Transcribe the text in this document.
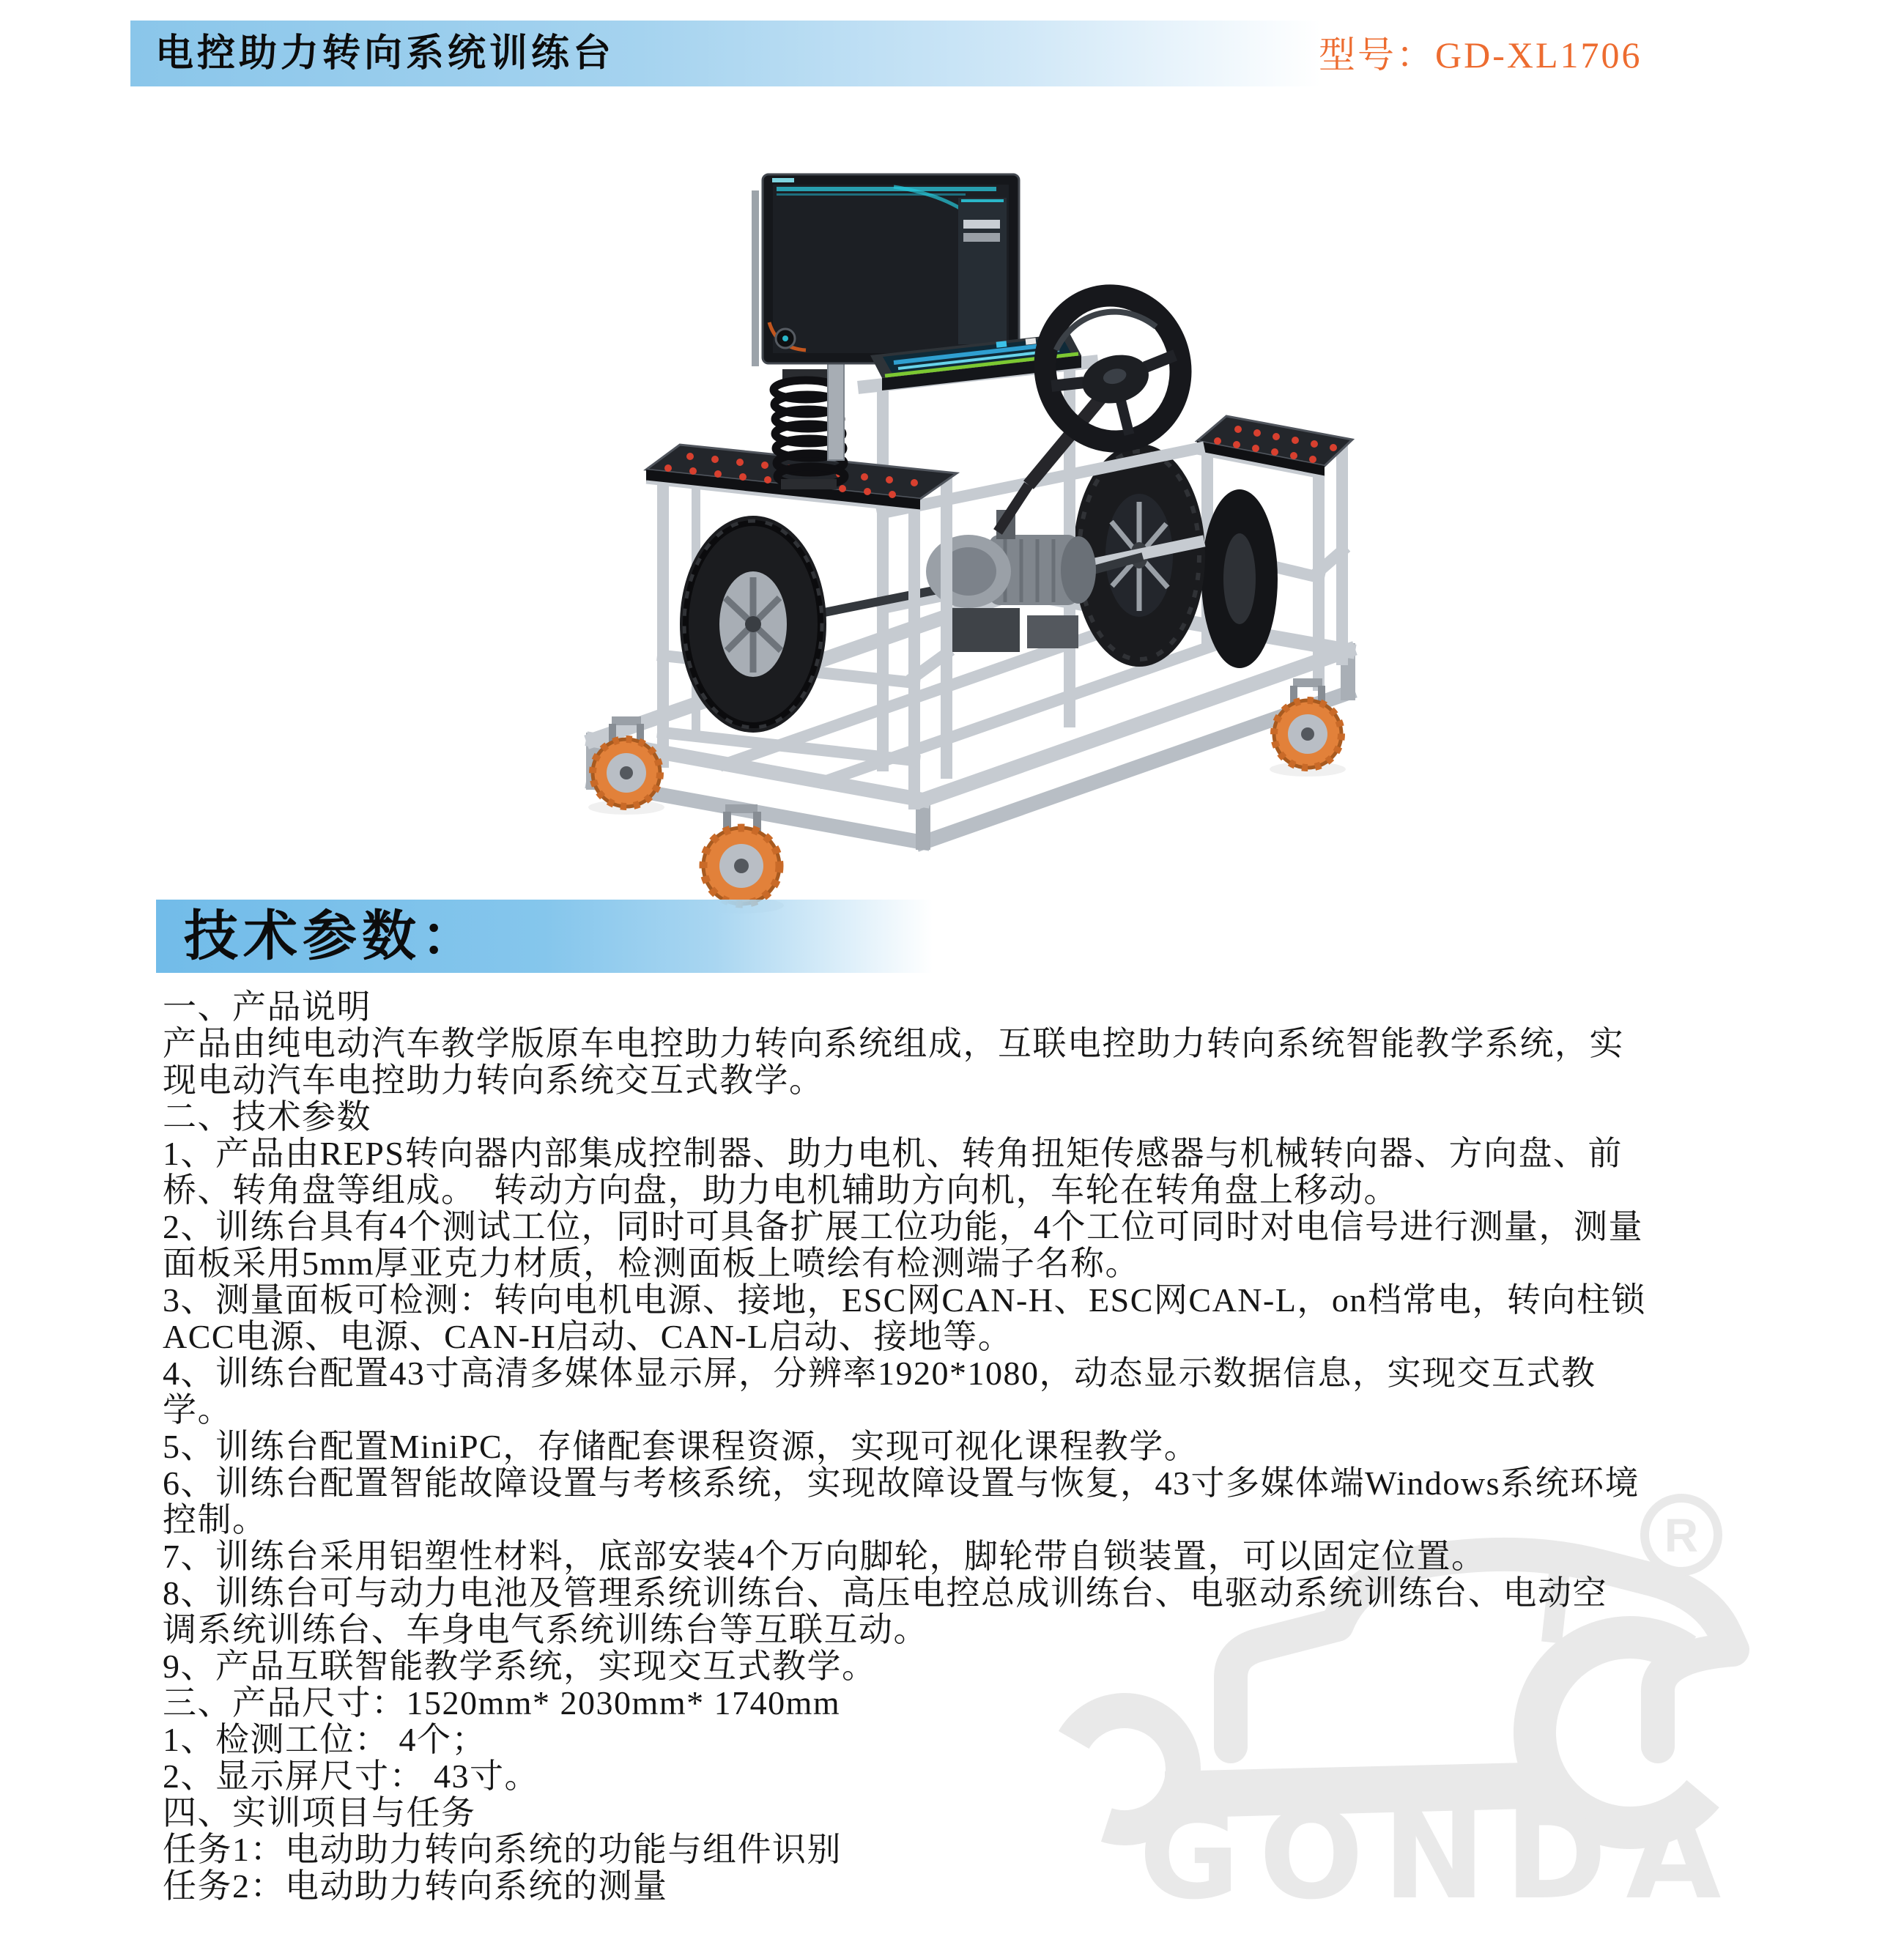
电控助力转向系统训练台	型号：GD-XL1706
R
GONDA
技术参数：
一、产品说明
产品由纯电动汽车教学版原车电控助力转向系统组成，互联电控助力转向系统智能教学系统，实
现电动汽车电控助力转向系统交互式教学。
二、技术参数
1、产品由REPS转向器内部集成控制器、助力电机、转角扭矩传感器与机械转向器、方向盘、前
桥、转角盘等组成。　转动方向盘，助力电机辅助方向机，车轮在转角盘上移动。
2、训练台具有4个测试工位，同时可具备扩展工位功能，4个工位可同时对电信号进行测量，测量
面板采用5mm厚亚克力材质，检测面板上喷绘有检测端子名称。
3、测量面板可检测：转向电机电源、接地，ESC网CAN-H、ESC网CAN-L，on档常电，转向柱锁
ACC电源、电源、CAN-H启动、CAN-L启动、接地等。
4、训练台配置43寸高清多媒体显示屏，分辨率1920*1080，动态显示数据信息，实现交互式教
学。
5、训练台配置MiniPC，存储配套课程资源，实现可视化课程教学。
6、训练台配置智能故障设置与考核系统，实现故障设置与恢复，43寸多媒体端Windows系统环境
控制。
7、训练台采用铝塑性材料，底部安装4个万向脚轮，脚轮带自锁装置，可以固定位置。
8、训练台可与动力电池及管理系统训练台、高压电控总成训练台、电驱动系统训练台、电动空
调系统训练台、车身电气系统训练台等互联互动。
9、产品互联智能教学系统，实现交互式教学。
三、产品尺寸：1520mm* 2030mm* 1740mm
1、检测工位： 4个；
2、显示屏尺寸： 43寸。
四、实训项目与任务
任务1：电动助力转向系统的功能与组件识别
任务2：电动助力转向系统的测量
